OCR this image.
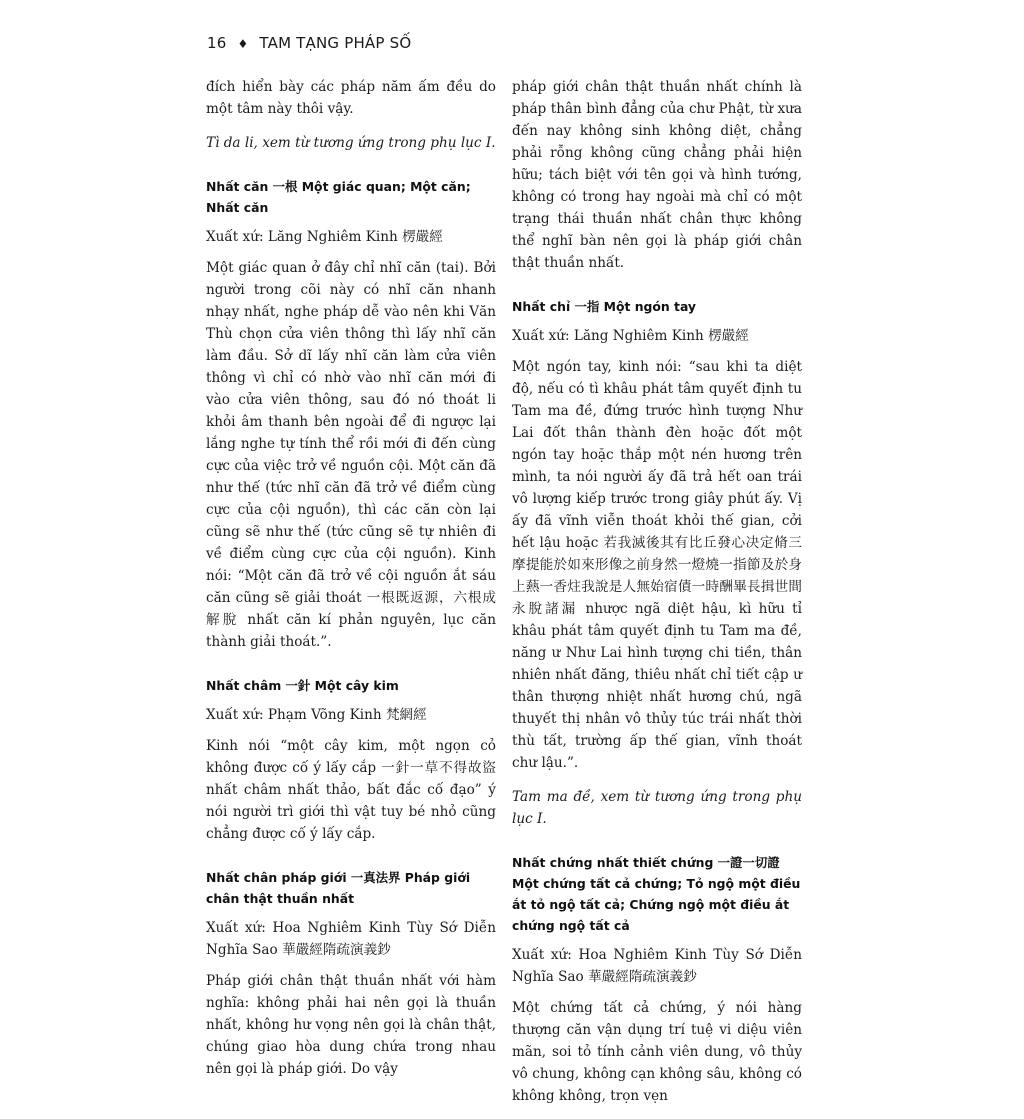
16 ♦ TAM TẠNG PHÁP SỐ

đích hiển bày các pháp năm ấm đều do một tâm này thôi vậy.

Tì da li, xem từ tương ứng trong phụ lục I.

Nhất căn 一根 Một giác quan; Một căn; Nhất căn

Xuất xứ: Lăng Nghiêm Kinh 楞嚴經

Một giác quan ở đây chỉ nhĩ căn (tai). Bởi người trong cõi này có nhĩ căn nhanh nhạy nhất, nghe pháp dễ vào nên khi Văn Thù chọn cửa viên thông thì lấy nhĩ căn làm đầu. Sở dĩ lấy nhĩ căn làm cửa viên thông vì chỉ có nhờ vào nhĩ căn mới đi vào cửa viên thông, sau đó nó thoát li khỏi âm thanh bên ngoài để đi ngược lại lắng nghe tự tính thể rồi mới đi đến cùng cực của việc trở về nguồn cội. Một căn đã như thế (tức nhĩ căn đã trở về điểm cùng cực của cội nguồn), thì các căn còn lại cũng sẽ như thế (tức cũng sẽ tự nhiên đi về điểm cùng cực của cội nguồn). Kinh nói: “Một căn đã trở về cội nguồn ắt sáu căn cũng sẽ giải thoát 一根既返源，六根成解脫 nhất căn kí phản nguyên, lục căn thành giải thoát.”.

Nhất châm 一針 Một cây kim

Xuất xứ: Phạm Võng Kinh 梵網經

Kinh nói “một cây kim, một ngọn cỏ không được cố ý lấy cắp 一針一草不得故盜 nhất châm nhất thảo, bất đắc cố đạo” ý nói người trì giới thì vật tuy bé nhỏ cũng chẳng được cố ý lấy cắp.

Nhất chân pháp giới 一真法界 Pháp giới chân thật thuần nhất

Xuất xứ: Hoa Nghiêm Kinh Tùy Sớ Diễn Nghĩa Sao 華嚴經隋疏演義鈔

Pháp giới chân thật thuần nhất với hàm nghĩa: không phải hai nên gọi là thuần nhất, không hư vọng nên gọi là chân thật, chúng giao hòa dung chứa trong nhau nên gọi là pháp giới. Do vậy

pháp giới chân thật thuần nhất chính là pháp thân bình đẳng của chư Phật, từ xưa đến nay không sinh không diệt, chẳng phải rỗng không cũng chẳng phải hiện hữu; tách biệt với tên gọi và hình tướng, không có trong hay ngoài mà chỉ có một trạng thái thuần nhất chân thực không thể nghĩ bàn nên gọi là pháp giới chân thật thuần nhất.

Nhất chỉ 一指 Một ngón tay

Xuất xứ: Lăng Nghiêm Kinh 楞嚴經

Một ngón tay, kinh nói: “sau khi ta diệt độ, nếu có tì khâu phát tâm quyết định tu Tam ma đề, đứng trước hình tượng Như Lai đốt thân thành đèn hoặc đốt một ngón tay hoặc thắp một nén hương trên mình, ta nói người ấy đã trả hết oan trái vô lượng kiếp trước trong giây phút ấy. Vị ấy đã vĩnh viễn thoát khỏi thế gian, cởi hết lậu hoặc 若我滅後其有比丘發心决定脩三摩提能於如來形像之前身然一燈燒一指節及於身上爇一香炷我說是人無始宿債一時酬畢長揖世間永脫諸漏 nhược ngã diệt hậu, kì hữu tỉ khâu phát tâm quyết định tu Tam ma đề, năng ư Như Lai hình tượng chi tiền, thân nhiên nhất đăng, thiêu nhất chỉ tiết cập ư thân thượng nhiệt nhất hương chú, ngã thuyết thị nhân vô thủy túc trái nhất thời thù tất, trường ấp thế gian, vĩnh thoát chư lậu.”.

Tam ma đề, xem từ tương ứng trong phụ lục I.

Nhất chứng nhất thiết chứng 一證一切證 Một chứng tất cả chứng; Tỏ ngộ một điều ắt tỏ ngộ tất cả; Chứng ngộ một điều ắt chứng ngộ tất cả

Xuất xứ: Hoa Nghiêm Kinh Tùy Sớ Diễn Nghĩa Sao 華嚴經隋疏演義鈔

Một chứng tất cả chứng, ý nói hàng thượng căn vận dụng trí tuệ vi diệu viên mãn, soi tỏ tính cảnh viên dung, vô thủy vô chung, không cạn không sâu, không có không không, trọn vẹn
